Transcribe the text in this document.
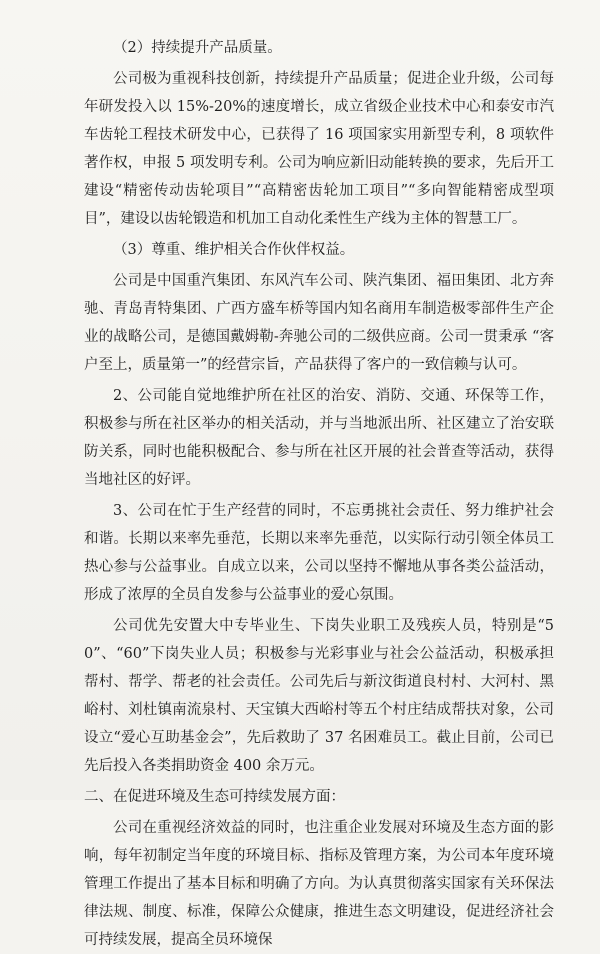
（2）持续提升产品质量。

公司极为重视科技创新，持续提升产品质量；促进企业升级，公司每年研发投入以 15%-20%的速度增长，成立省级企业技术中心和泰安市汽车齿轮工程技术研发中心，已获得了 16 项国家实用新型专利，8 项软件著作权，申报 5 项发明专利。公司为响应新旧动能转换的要求，先后开工建设“精密传动齿轮项目”“高精密齿轮加工项目”“多向智能精密成型项目”，建设以齿轮锻造和机加工自动化柔性生产线为主体的智慧工厂。

（3）尊重、维护相关合作伙伴权益。

公司是中国重汽集团、东风汽车公司、陕汽集团、福田集团、北方奔驰、青岛青特集团、广西方盛车桥等国内知名商用车制造极零部件生产企业的战略公司，是德国戴姆勒-奔驰公司的二级供应商。公司一贯秉承 “客户至上，质量第一”的经营宗旨，产品获得了客户的一致信赖与认可。

2、公司能自觉地维护所在社区的治安、消防、交通、环保等工作，积极参与所在社区举办的相关活动，并与当地派出所、社区建立了治安联防关系，同时也能积极配合、参与所在社区开展的社会普查等活动，获得当地社区的好评。

3、公司在忙于生产经营的同时，不忘勇挑社会责任、努力维护社会和谐。长期以来率先垂范，长期以来率先垂范，以实际行动引领全体员工热心参与公益事业。自成立以来，公司以坚持不懈地从事各类公益活动，形成了浓厚的全员自发参与公益事业的爱心氛围。

公司优先安置大中专毕业生、下岗失业职工及残疾人员，特别是“50”、“60”下岗失业人员；积极参与光彩事业与社会公益活动，积极承担帮村、帮学、帮老的社会责任。公司先后与新汶街道良村村、大河村、黑峪村、刘杜镇南流泉村、天宝镇大西峪村等五个村庄结成帮扶对象，公司设立“爱心互助基金会”，先后救助了 37 名困难员工。截止目前，公司已先后投入各类捐助资金 400 余万元。

二、在促进环境及生态可持续发展方面：

公司在重视经济效益的同时，也注重企业发展对环境及生态方面的影响，每年初制定当年度的环境目标、指标及管理方案，为公司本年度环境管理工作提出了基本目标和明确了方向。为认真贯彻落实国家有关环保法律法规、制度、标准，保障公众健康，推进生态文明建设，促进经济社会可持续发展，提高全员环境保
